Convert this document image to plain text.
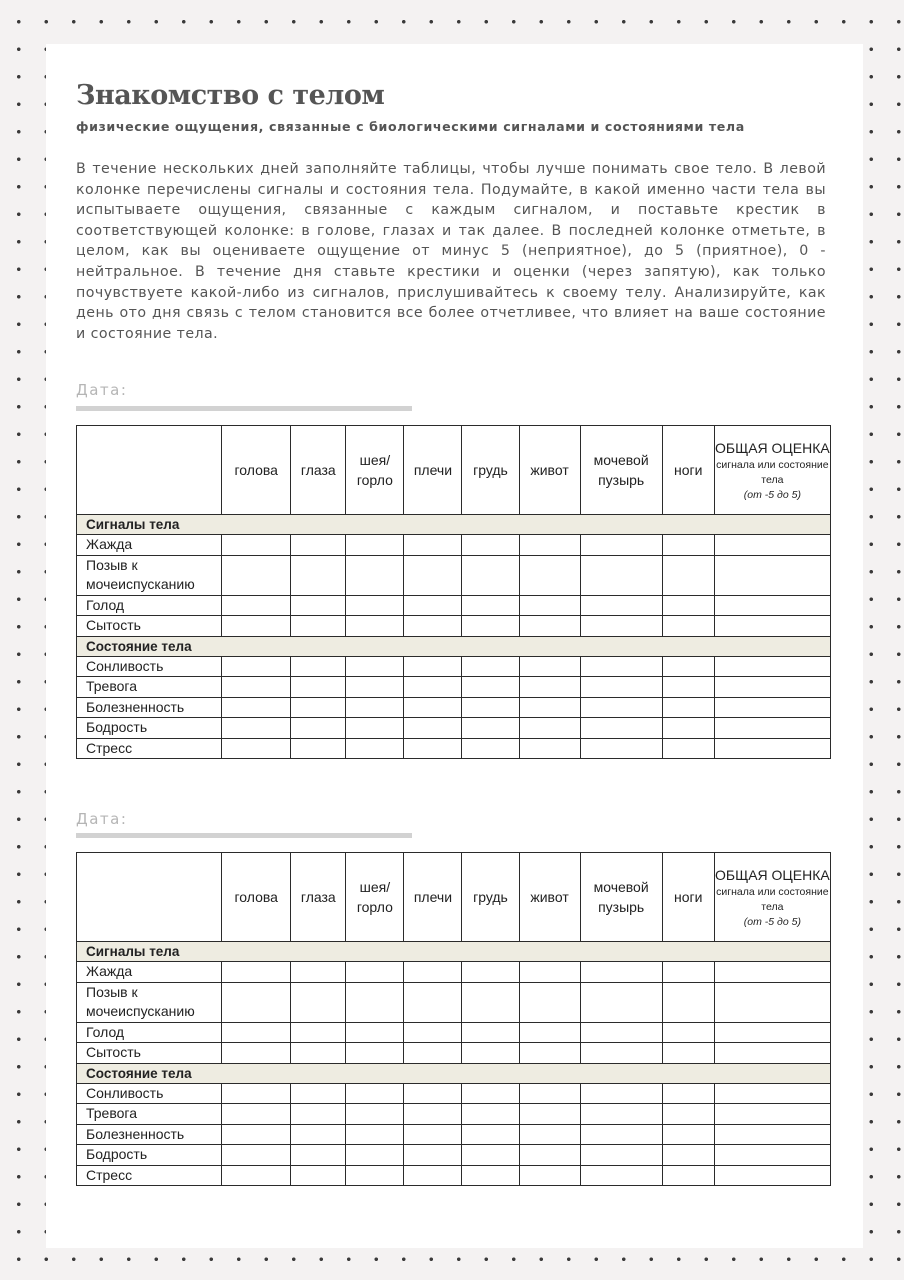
Знакомство с телом
физические ощущения, связанные с биологическими сигналами и состояниями тела

В течение нескольких дней заполняйте таблицы, чтобы лучше понимать свое тело. В левой колонке перечислены сигналы и состояния тела. Подумайте, в какой именно части тела вы испытываете ощущения, связанные с каждым сигналом, и поставьте крестик в соответствующей колонке: в голове, глазах и так далее. В последней колонке отметьте, в целом, как вы оцениваете ощущение от минус 5 (неприятное), до 5 (приятное), 0 - нейтральное. В течение дня ставьте крестики и оценки (через запятую), как только почувствуете какой-либо из сигналов, прислушивайтесь к своему телу. Анализируйте, как день ото дня связь с телом становится все более отчетливее, что влияет на ваше состояние и состояние тела.

Дата:
	голова	глаза	шея/ горло	плечи	грудь	живот	мочевой пузырь	ноги	ОБЩАЯ ОЦЕНКА
сигнала или состояние тела
(от -5 до 5)

Сигналы тела									
Жажда									
Позыв к мочеиспусканию									
Голод									
Сытость									
Состояние тела									
Сонливость									
Тревога									
Болезненность									
Бодрость									
Стресс									
Дата:
	голова	глаза	шея/ горло	плечи	грудь	живот	мочевой пузырь	ноги	ОБЩАЯ ОЦЕНКА
сигнала или состояние тела
(от -5 до 5)

Сигналы тела									
Жажда									
Позыв к мочеиспусканию									
Голод									
Сытость									
Состояние тела									
Сонливость									
Тревога									
Болезненность									
Бодрость									
Стресс									
